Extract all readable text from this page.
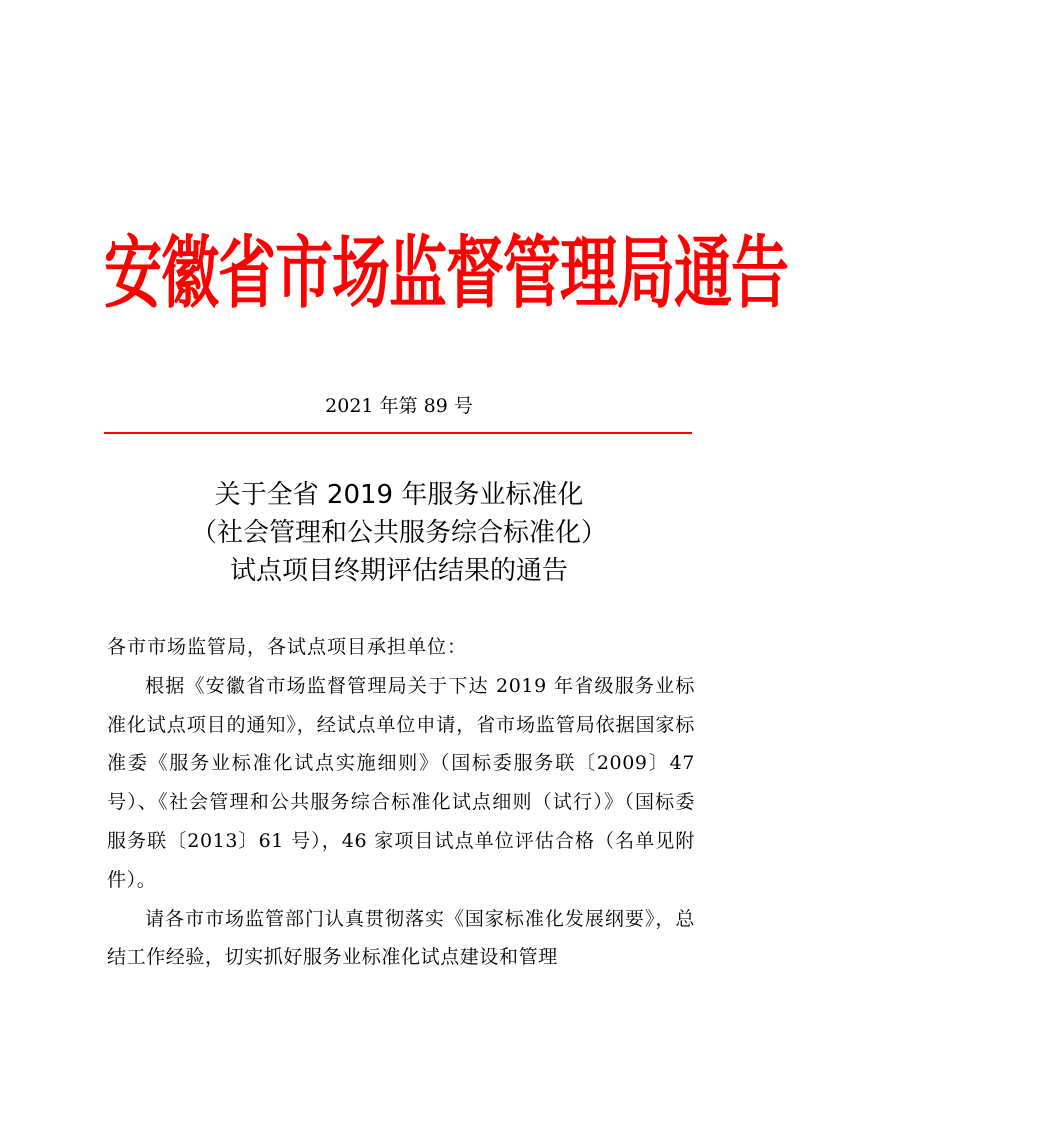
安徽省市场监督管理局通告
2021 年第 89 号
关于全省 2019 年服务业标准化
（社会管理和公共服务综合标准化）
试点项目终期评估结果的通告
各市市场监管局，各试点项目承担单位：

根据《安徽省市场监督管理局关于下达 2019 年省级服务业标准化试点项目的通知》，经试点单位申请，省市场监管局依据国家标准委《服务业标准化试点实施细则》（国标委服务联〔2009〕47 号）、《社会管理和公共服务综合标准化试点细则（试行）》（国标委服务联〔2013〕61 号），46 家项目试点单位评估合格（名单见附件）。

请各市市场监管部门认真贯彻落实《国家标准化发展纲要》，总结工作经验，切实抓好服务业标准化试点建设和管理
